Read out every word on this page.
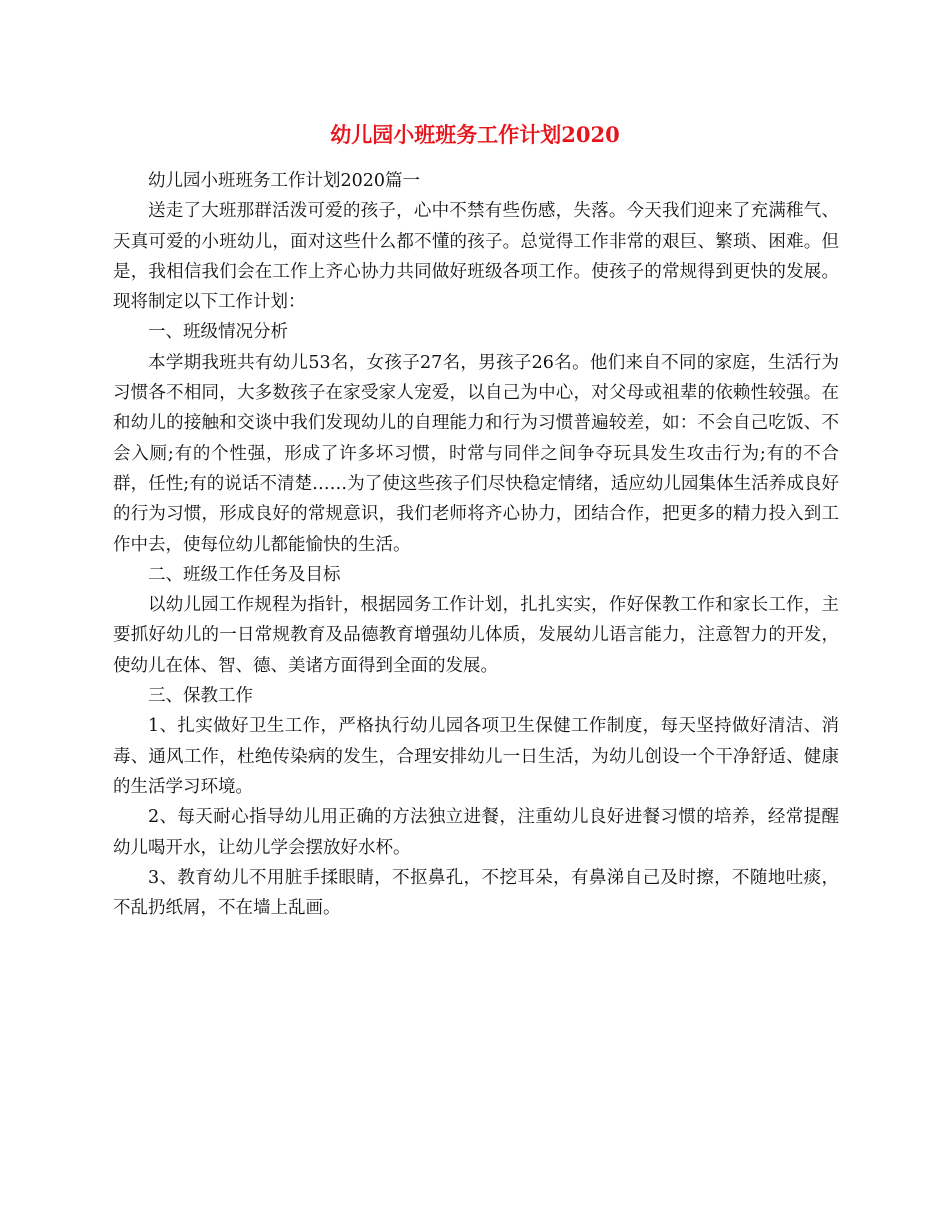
幼儿园小班班务工作计划2020

幼儿园小班班务工作计划2020篇一

送走了大班那群活泼可爱的孩子，心中不禁有些伤感，失落。今天我们迎来了充满稚气、天真可爱的小班幼儿，面对这些什么都不懂的孩子。总觉得工作非常的艰巨、繁琐、困难。但是，我相信我们会在工作上齐心协力共同做好班级各项工作。使孩子的常规得到更快的发展。现将制定以下工作计划：

一、班级情况分析

本学期我班共有幼儿53名，女孩子27名，男孩子26名。他们来自不同的家庭，生活行为习惯各不相同，大多数孩子在家受家人宠爱，以自己为中心，对父母或祖辈的依赖性较强。在和幼儿的接触和交谈中我们发现幼儿的自理能力和行为习惯普遍较差，如：不会自己吃饭、不会入厕;有的个性强，形成了许多坏习惯，时常与同伴之间争夺玩具发生攻击行为;有的不合群，任性;有的说话不清楚……为了使这些孩子们尽快稳定情绪，适应幼儿园集体生活养成良好的行为习惯，形成良好的常规意识，我们老师将齐心协力，团结合作，把更多的精力投入到工作中去，使每位幼儿都能愉快的生活。

二、班级工作任务及目标

以幼儿园工作规程为指针，根据园务工作计划，扎扎实实，作好保教工作和家长工作，主要抓好幼儿的一日常规教育及品德教育增强幼儿体质，发展幼儿语言能力，注意智力的开发，使幼儿在体、智、德、美诸方面得到全面的发展。

三、保教工作

1、扎实做好卫生工作，严格执行幼儿园各项卫生保健工作制度，每天坚持做好清洁、消毒、通风工作，杜绝传染病的发生，合理安排幼儿一日生活，为幼儿创设一个干净舒适、健康的生活学习环境。

2、每天耐心指导幼儿用正确的方法独立进餐，注重幼儿良好进餐习惯的培养，经常提醒幼儿喝开水，让幼儿学会摆放好水杯。

3、教育幼儿不用脏手揉眼睛，不抠鼻孔，不挖耳朵，有鼻涕自己及时擦，不随地吐痰，不乱扔纸屑，不在墙上乱画。
